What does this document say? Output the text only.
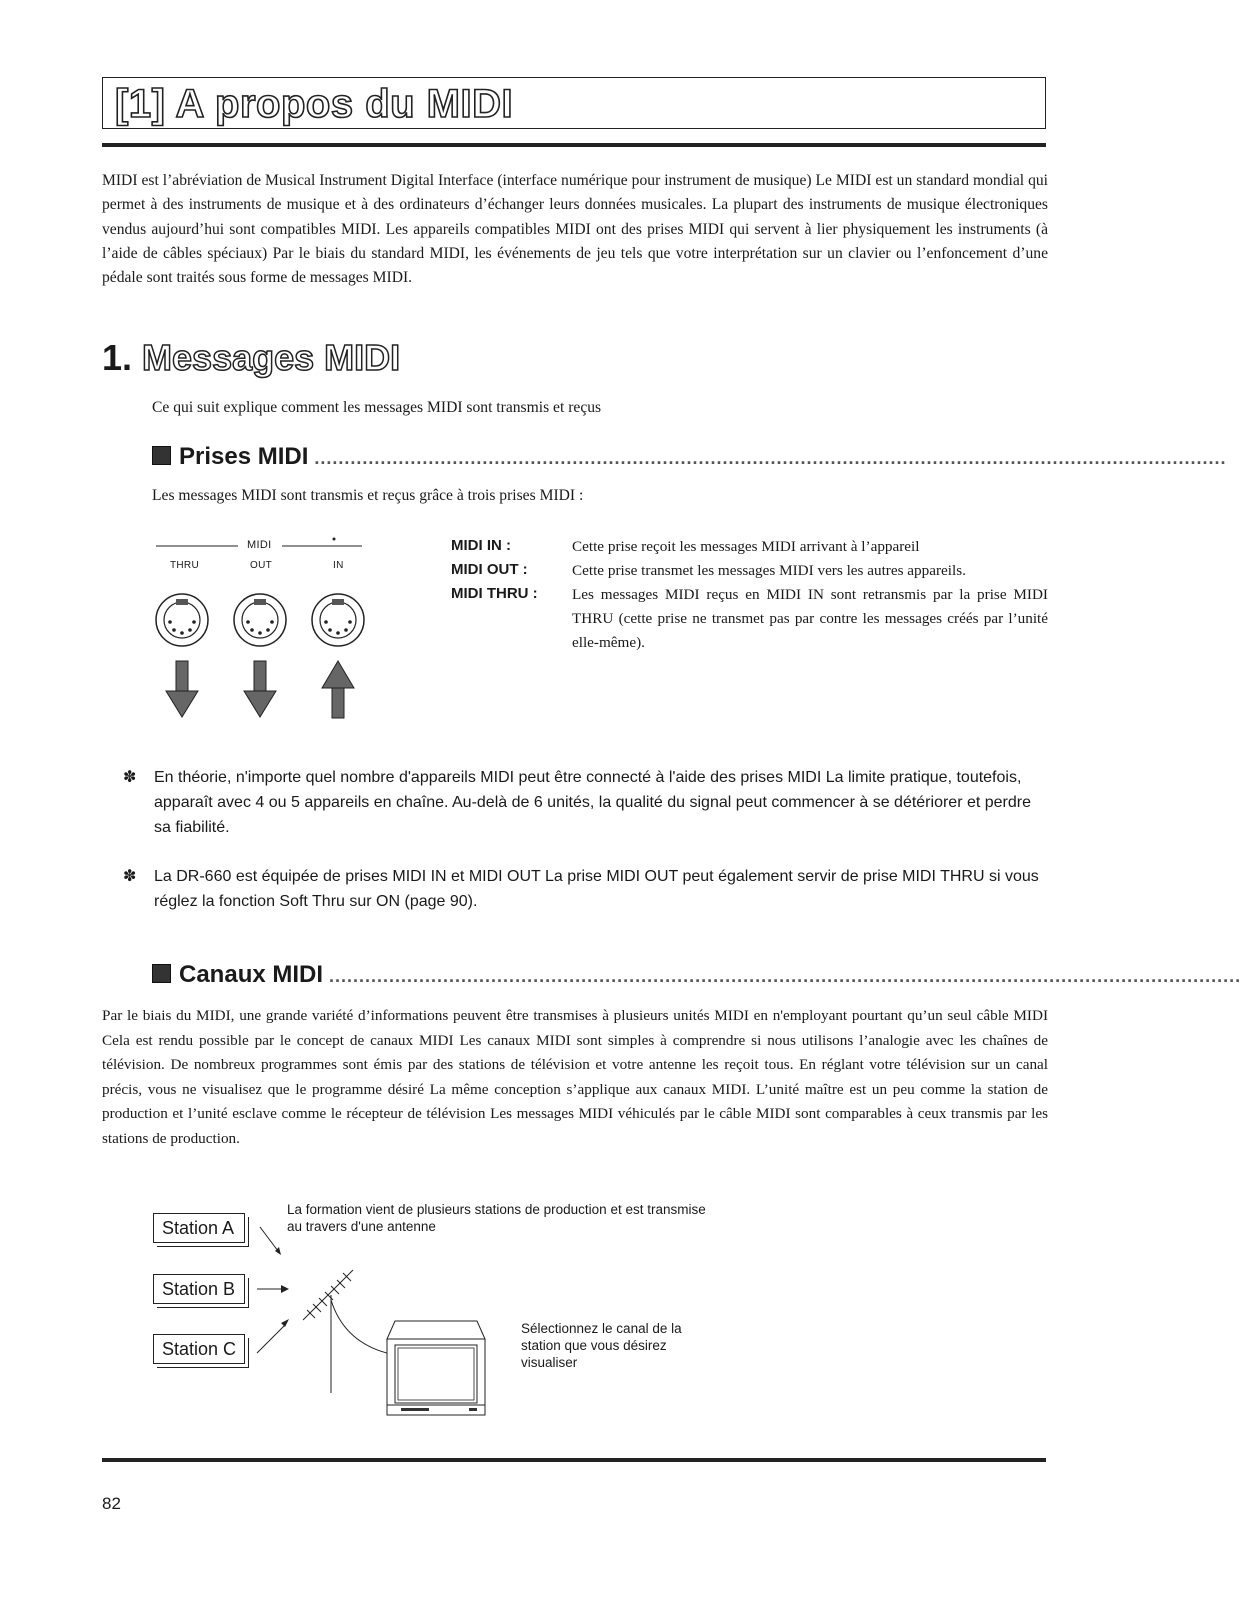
[1] A propos du MIDI

MIDI est l’abréviation de Musical Instrument Digital Interface (interface numérique pour instrument de musique) Le MIDI est un standard mondial qui permet à des instruments de musique et à des ordinateurs d’échanger leurs données musicales. La plupart des instruments de musique électroniques vendus aujourd’hui sont compatibles MIDI. Les appareils compatibles MIDI ont des prises MIDI qui servent à lier physiquement les instruments (à l’aide de câbles spéciaux) Par le biais du standard MIDI, les événements de jeu tels que votre interprétation sur un clavier ou l’enfoncement d’une pédale sont traités sous forme de messages MIDI.

1. Messages MIDI
Ce qui suit explique comment les messages MIDI sont transmis et reçus
Prises MIDI ........................................................................................................................................................
Les messages MIDI sont transmis et reçus grâce à trois prises MIDI :
MIDI
THRU	OUT	IN
MIDI IN :	Cette prise reçoit les messages MIDI arrivant à l’appareil
MIDI OUT :	Cette prise transmet les messages MIDI vers les autres appareils.
MIDI THRU : Les messages MIDI reçus en MIDI IN sont retransmis par la prise MIDI THRU (cette prise ne transmet pas par contre les messages créés par l’unité elle-même).
✽ En théorie, n'importe quel nombre d'appareils MIDI peut être connecté à l'aide des prises MIDI La limite pratique, toutefois, apparaît avec 4 ou 5 appareils en chaîne. Au-delà de 6 unités, la qualité du signal peut commencer à se détériorer et perdre sa fiabilité.
✽ La DR-660 est équipée de prises MIDI IN et MIDI OUT La prise MIDI OUT peut également servir de prise MIDI THRU si vous réglez la fonction Soft Thru sur ON (page 90).
Canaux MIDI ........................................................................................................................................................

Par le biais du MIDI, une grande variété d’informations peuvent être transmises à plusieurs unités MIDI en n'employant pourtant qu’un seul câble MIDI Cela est rendu possible par le concept de canaux MIDI Les canaux MIDI sont simples à comprendre si nous utilisons l’analogie avec les chaînes de télévision. De nombreux programmes sont émis par des stations de télévision et votre antenne les reçoit tous. En réglant votre télévision sur un canal précis, vous ne visualisez que le programme désiré La même conception s’applique aux canaux MIDI. L’unité maître est un peu comme la station de production et l’unité esclave comme le récepteur de télévision Les messages MIDI véhiculés par le câble MIDI sont comparables à ceux transmis par les stations de production.

Station A
Station B
Station C
La formation vient de plusieurs stations de production et est transmise au travers d'une antenne
Sélectionnez le canal de la station que vous désirez visualiser
82
